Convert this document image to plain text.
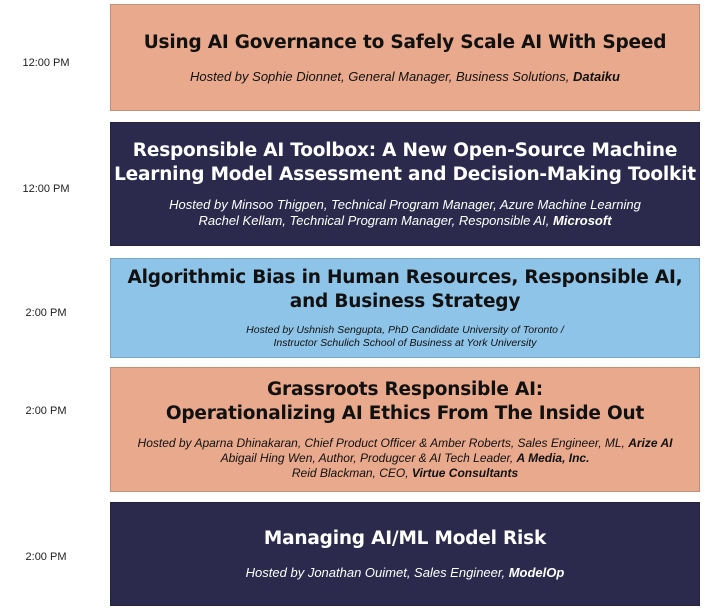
12:00 PM
Using AI Governance to Safely Scale AI With Speed
Hosted by Sophie Dionnet, General Manager, Business Solutions, Dataiku
12:00 PM
Responsible AI Toolbox: A New Open-Source Machine
Learning Model Assessment and Decision-Making Toolkit
Hosted by Minsoo Thigpen, Technical Program Manager, Azure Machine Learning
Rachel Kellam, Technical Program Manager, Responsible AI, Microsoft
2:00 PM
Algorithmic Bias in Human Resources, Responsible AI,
and Business Strategy
Hosted by Ushnish Sengupta, PhD Candidate University of Toronto /
Instructor Schulich School of Business at York University
2:00 PM
Grassroots Responsible AI:
Operationalizing AI Ethics From The Inside Out
Hosted by Aparna Dhinakaran, Chief Product Officer & Amber Roberts, Sales Engineer, ML, Arize AI
Abigail Hing Wen, Author, Produgcer & AI Tech Leader, A Media, Inc.
Reid Blackman, CEO, Virtue Consultants
2:00 PM
Managing AI/ML Model Risk
Hosted by Jonathan Ouimet, Sales Engineer, ModelOp
